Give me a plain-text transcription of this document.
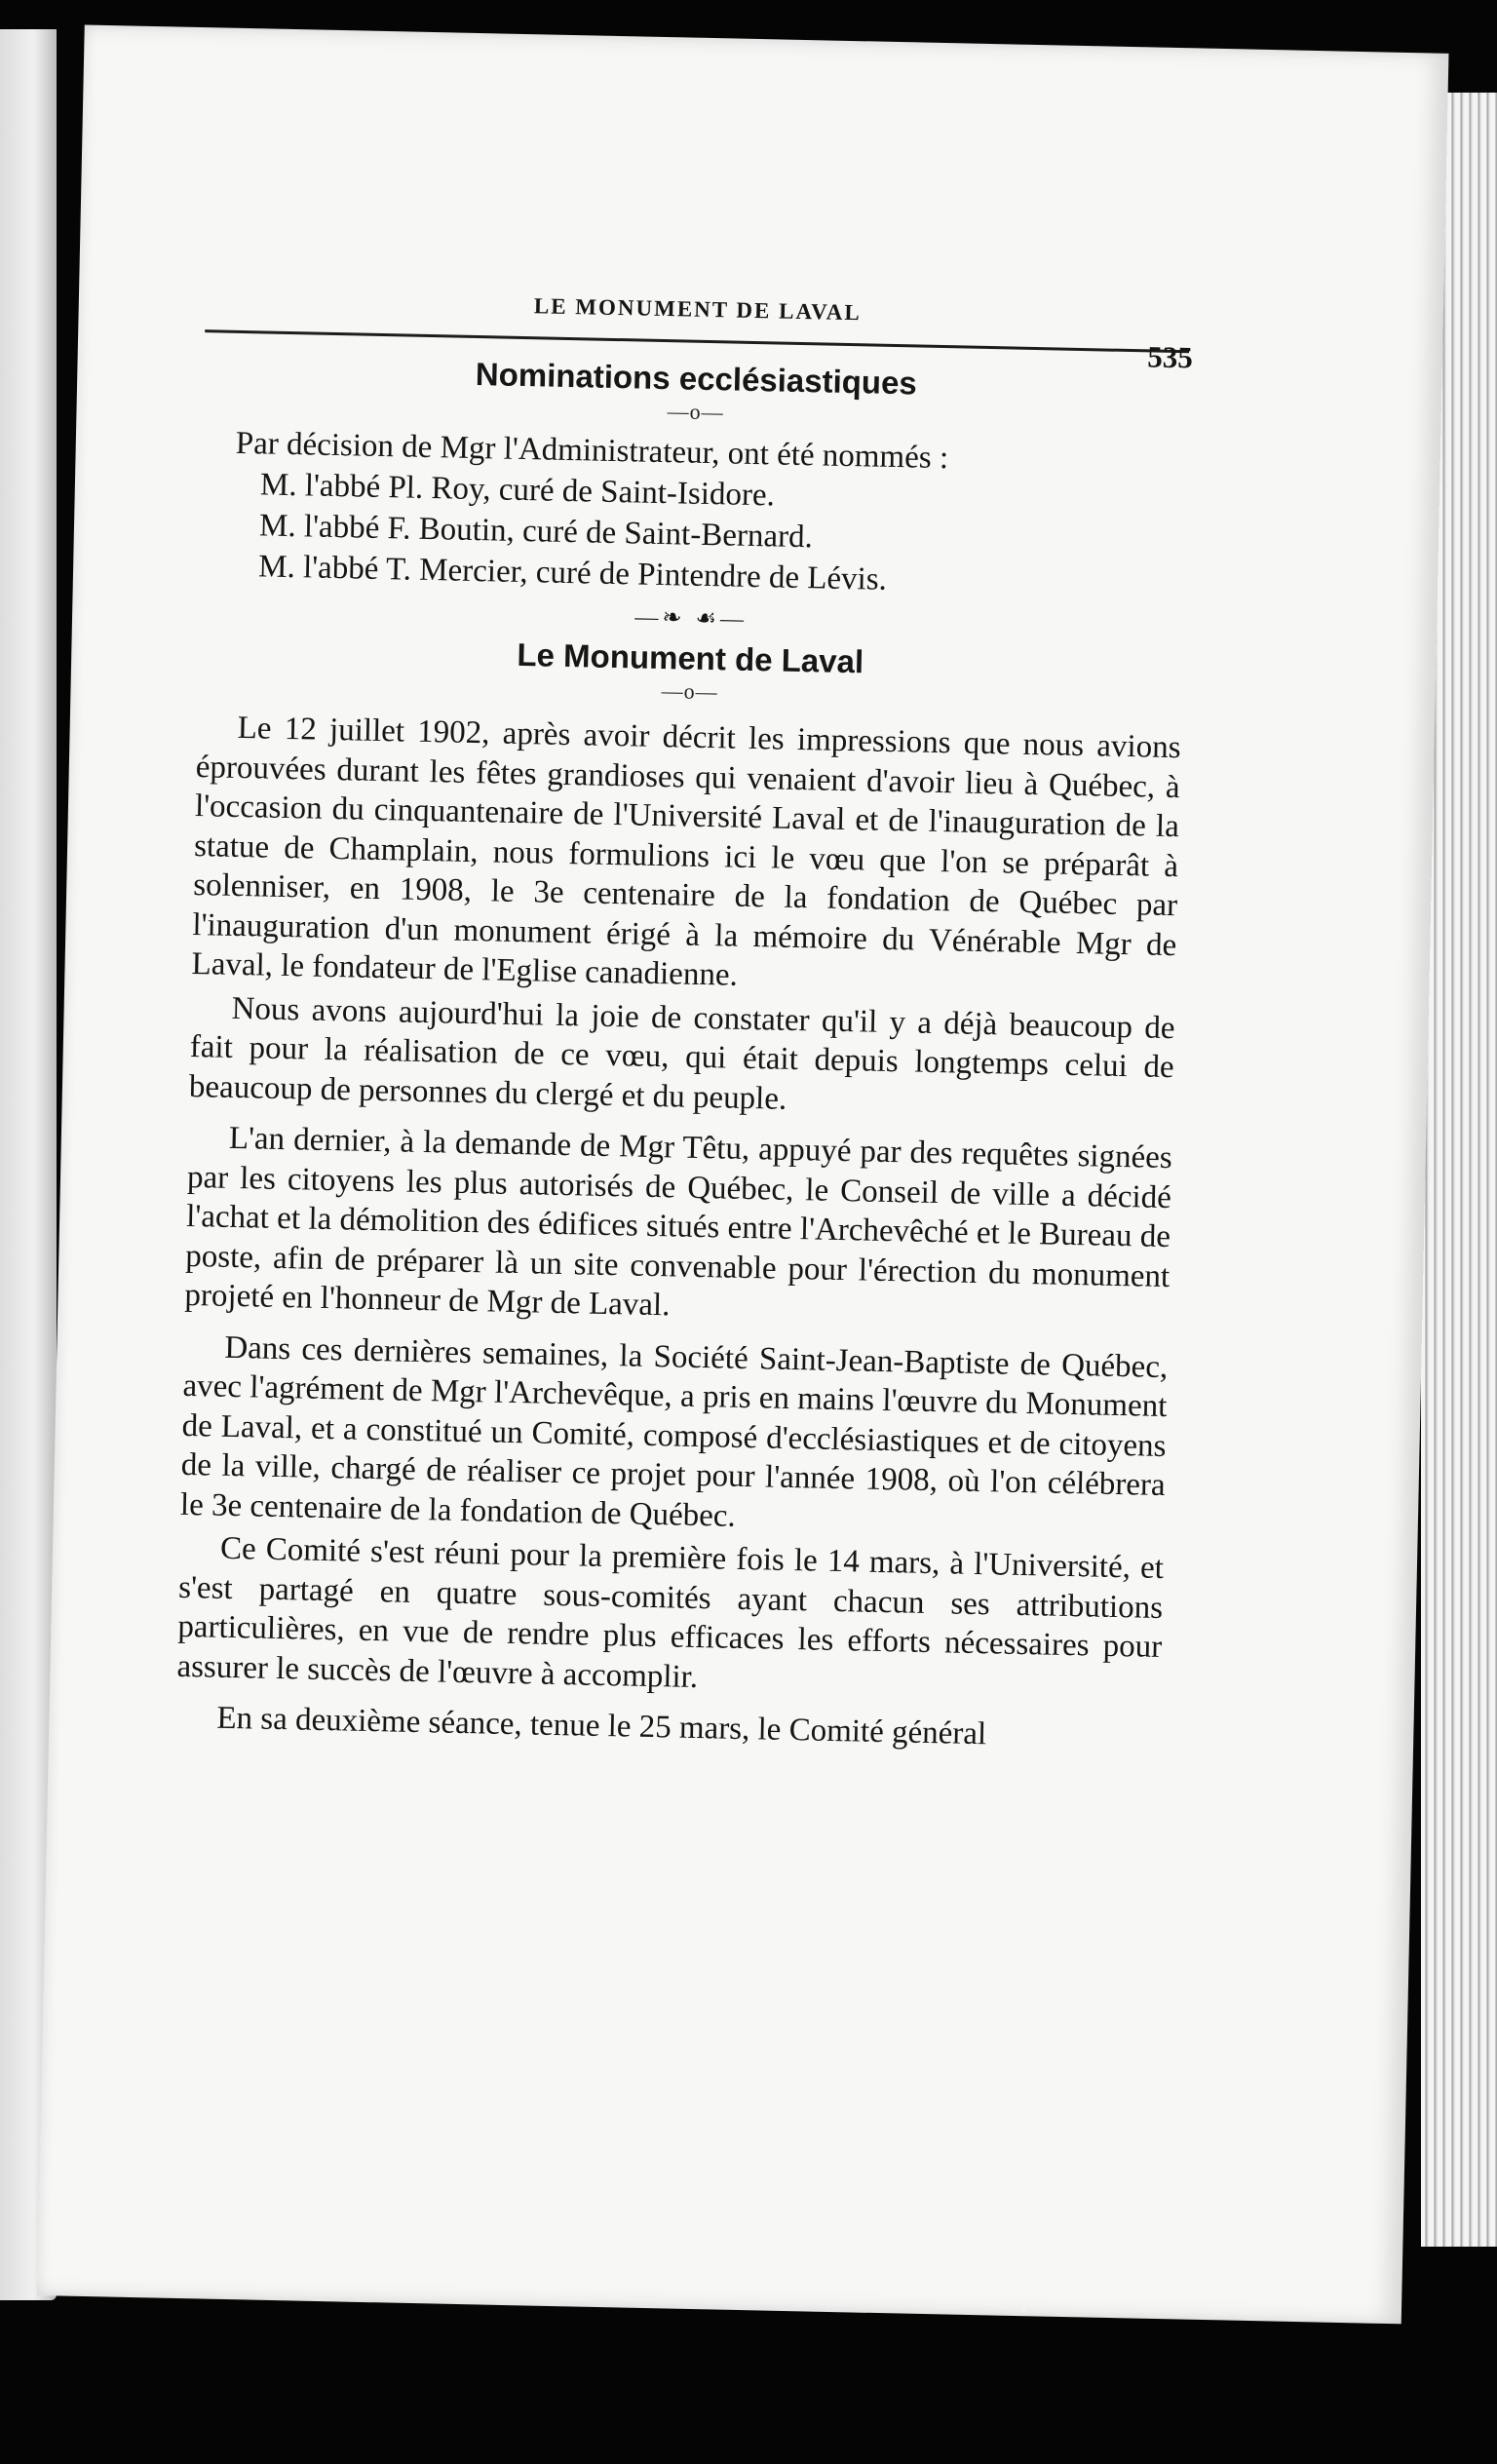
LE MONUMENT DE LAVAL
535
Nominations ecclésiastiques
—o—

Par décision de Mgr l'Administrateur, ont été nommés :

M. l'abbé Pl. Roy, curé de Saint-Isidore.

M. l'abbé F. Boutin, curé de Saint-Bernard.

M. l'abbé T. Mercier, curé de Pintendre de Lévis.

—❧ ☙—
Le Monument de Laval
—o—

Le 12 juillet 1902, après avoir décrit les impressions que nous avions éprouvées durant les fêtes grandioses qui venaient d'avoir lieu à Québec, à l'occasion du cinquantenaire de l'Université Laval et de l'inauguration de la statue de Champlain, nous formulions ici le vœu que l'on se préparât à solenniser, en 1908, le 3e centenaire de la fondation de Québec par l'inauguration d'un monument érigé à la mémoire du Vénérable Mgr de Laval, le fondateur de l'Eglise canadienne.

Nous avons aujourd'hui la joie de constater qu'il y a déjà beaucoup de fait pour la réalisation de ce vœu, qui était depuis longtemps celui de beaucoup de personnes du clergé et du peuple.

L'an dernier, à la demande de Mgr Têtu, appuyé par des requêtes signées par les citoyens les plus autorisés de Québec, le Conseil de ville a décidé l'achat et la démolition des édifices situés entre l'Archevêché et le Bureau de poste, afin de préparer là un site convenable pour l'érection du monument projeté en l'honneur de Mgr de Laval.

Dans ces dernières semaines, la Société Saint-Jean-Baptiste de Québec, avec l'agrément de Mgr l'Archevêque, a pris en mains l'œuvre du Monument de Laval, et a constitué un Comité, composé d'ecclésiastiques et de citoyens de la ville, chargé de réaliser ce projet pour l'année 1908, où l'on célébrera le 3e centenaire de la fondation de Québec.

Ce Comité s'est réuni pour la première fois le 14 mars, à l'Université, et s'est partagé en quatre sous-comités ayant chacun ses attributions particulières, en vue de rendre plus efficaces les efforts nécessaires pour assurer le succès de l'œuvre à accomplir.

En sa deuxième séance, tenue le 25 mars, le Comité général
